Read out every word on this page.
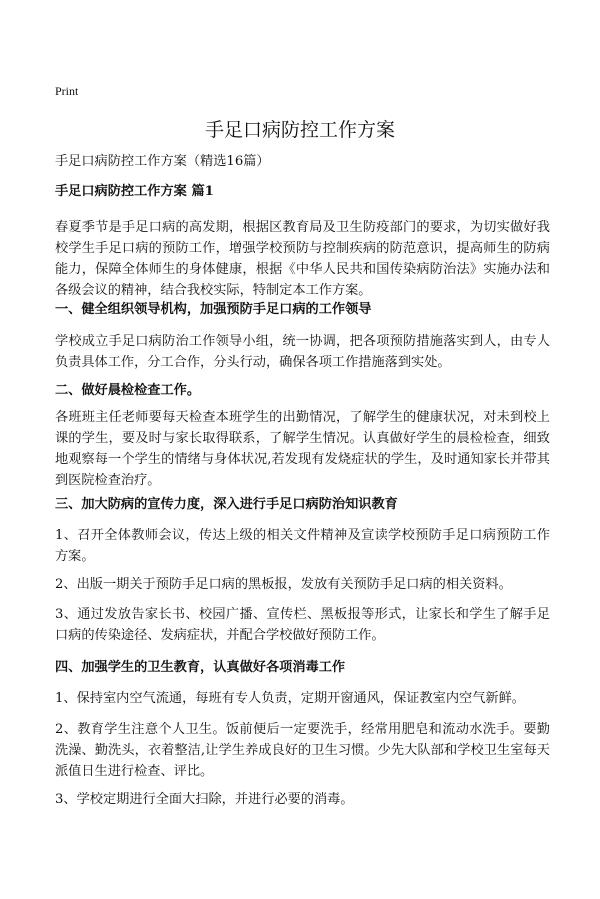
Print
手足口病防控工作方案

手足口病防控工作方案（精选16篇）

手足口病防控工作方案 篇1

春夏季节是手足口病的高发期，根据区教育局及卫生防疫部门的要求，为切实做好我校学生手足口病的预防工作，增强学校预防与控制疾病的防范意识，提高师生的防病能力，保障全体师生的身体健康，根据《中华人民共和国传染病防治法》实施办法和各级会议的精神，结合我校实际，特制定本工作方案。

一、健全组织领导机构，加强预防手足口病的工作领导

学校成立手足口病防治工作领导小组，统一协调，把各项预防措施落实到人，由专人负责具体工作，分工合作，分头行动，确保各项工作措施落到实处。

二、做好晨检检查工作。

各班班主任老师要每天检查本班学生的出勤情况，了解学生的健康状况，对未到校上课的学生，要及时与家长取得联系，了解学生情况。认真做好学生的晨检检查，细致地观察每一个学生的情绪与身体状况,若发现有发烧症状的学生，及时通知家长并带其到医院检查治疗。

三、加大防病的宣传力度，深入进行手足口病防治知识教育

1、召开全体教师会议，传达上级的相关文件精神及宣读学校预防手足口病预防工作方案。

2、出版一期关于预防手足口病的黑板报，发放有关预防手足口病的相关资料。

3、通过发放告家长书、校园广播、宣传栏、黑板报等形式，让家长和学生了解手足口病的传染途径、发病症状，并配合学校做好预防工作。

四、加强学生的卫生教育，认真做好各项消毒工作

1、保持室内空气流通，每班有专人负责，定期开窗通风，保证教室内空气新鲜。

2、教育学生注意个人卫生。饭前便后一定要洗手，经常用肥皂和流动水洗手。要勤洗澡、勤洗头，衣着整洁,让学生养成良好的卫生习惯。少先大队部和学校卫生室每天派值日生进行检查、评比。

3、学校定期进行全面大扫除，并进行必要的消毒。
